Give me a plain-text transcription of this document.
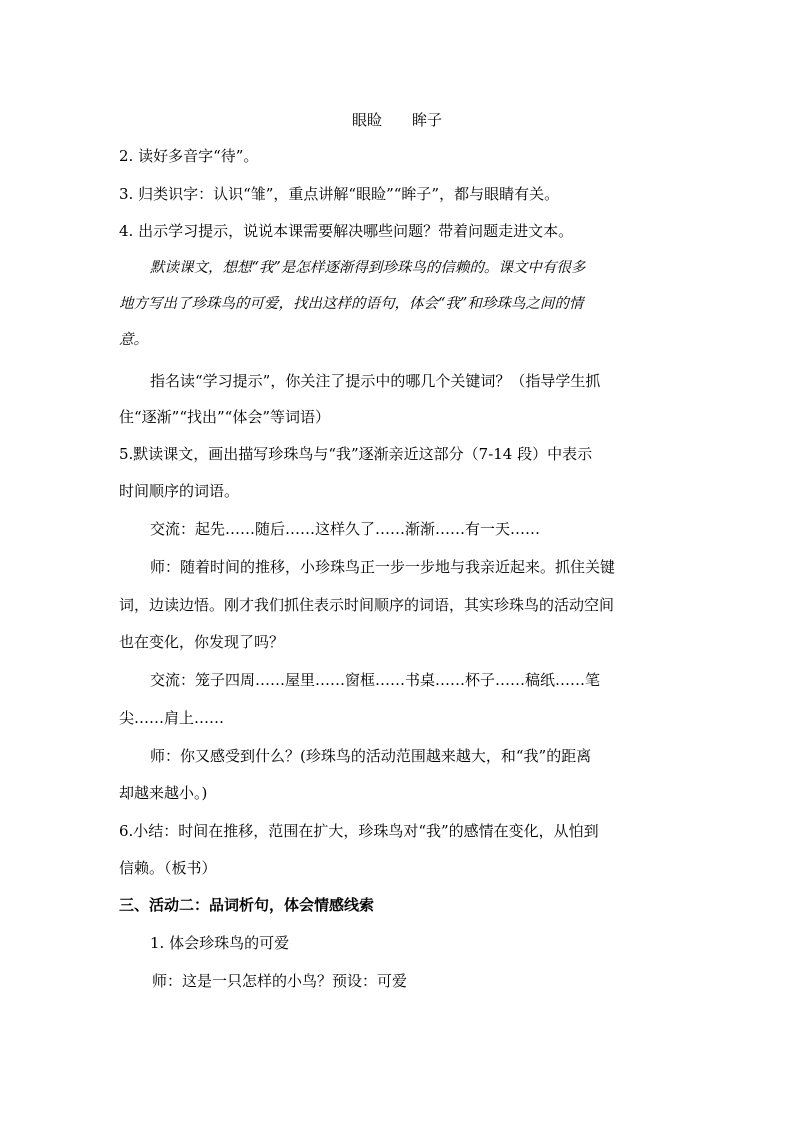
眼睑 眸子
2. 读好多音字“待”。
3. 归类识字：认识“雏”，重点讲解“眼睑”“眸子”，都与眼睛有关。
4. 出示学习提示，说说本课需要解决哪些问题？带着问题走进文本。
默读课文，想想“我”是怎样逐渐得到珍珠鸟的信赖的。课文中有很多
地方写出了珍珠鸟的可爱，找出这样的语句，体会“我”和珍珠鸟之间的情
意。
指名读“学习提示”，你关注了提示中的哪几个关键词？（指导学生抓
住“逐渐”“找出”“体会”等词语）
5.默读课文，画出描写珍珠鸟与“我”逐渐亲近这部分（7-14 段）中表示
时间顺序的词语。
交流：起先……随后……这样久了……渐渐……有一天……
师：随着时间的推移，小珍珠鸟正一步一步地与我亲近起来。抓住关键
词，边读边悟。刚才我们抓住表示时间顺序的词语，其实珍珠鸟的活动空间
也在变化，你发现了吗？
交流：笼子四周……屋里……窗框……书桌……杯子……稿纸……笔
尖……肩上……
师：你又感受到什么？(珍珠鸟的活动范围越来越大，和“我”的距离
却越来越小。)
6.小结：时间在推移，范围在扩大，珍珠鸟对“我”的感情在变化，从怕到
信赖。（板书）
三、活动二：品词析句，体会情感线索
1. 体会珍珠鸟的可爱
师：这是一只怎样的小鸟？预设：可爱
